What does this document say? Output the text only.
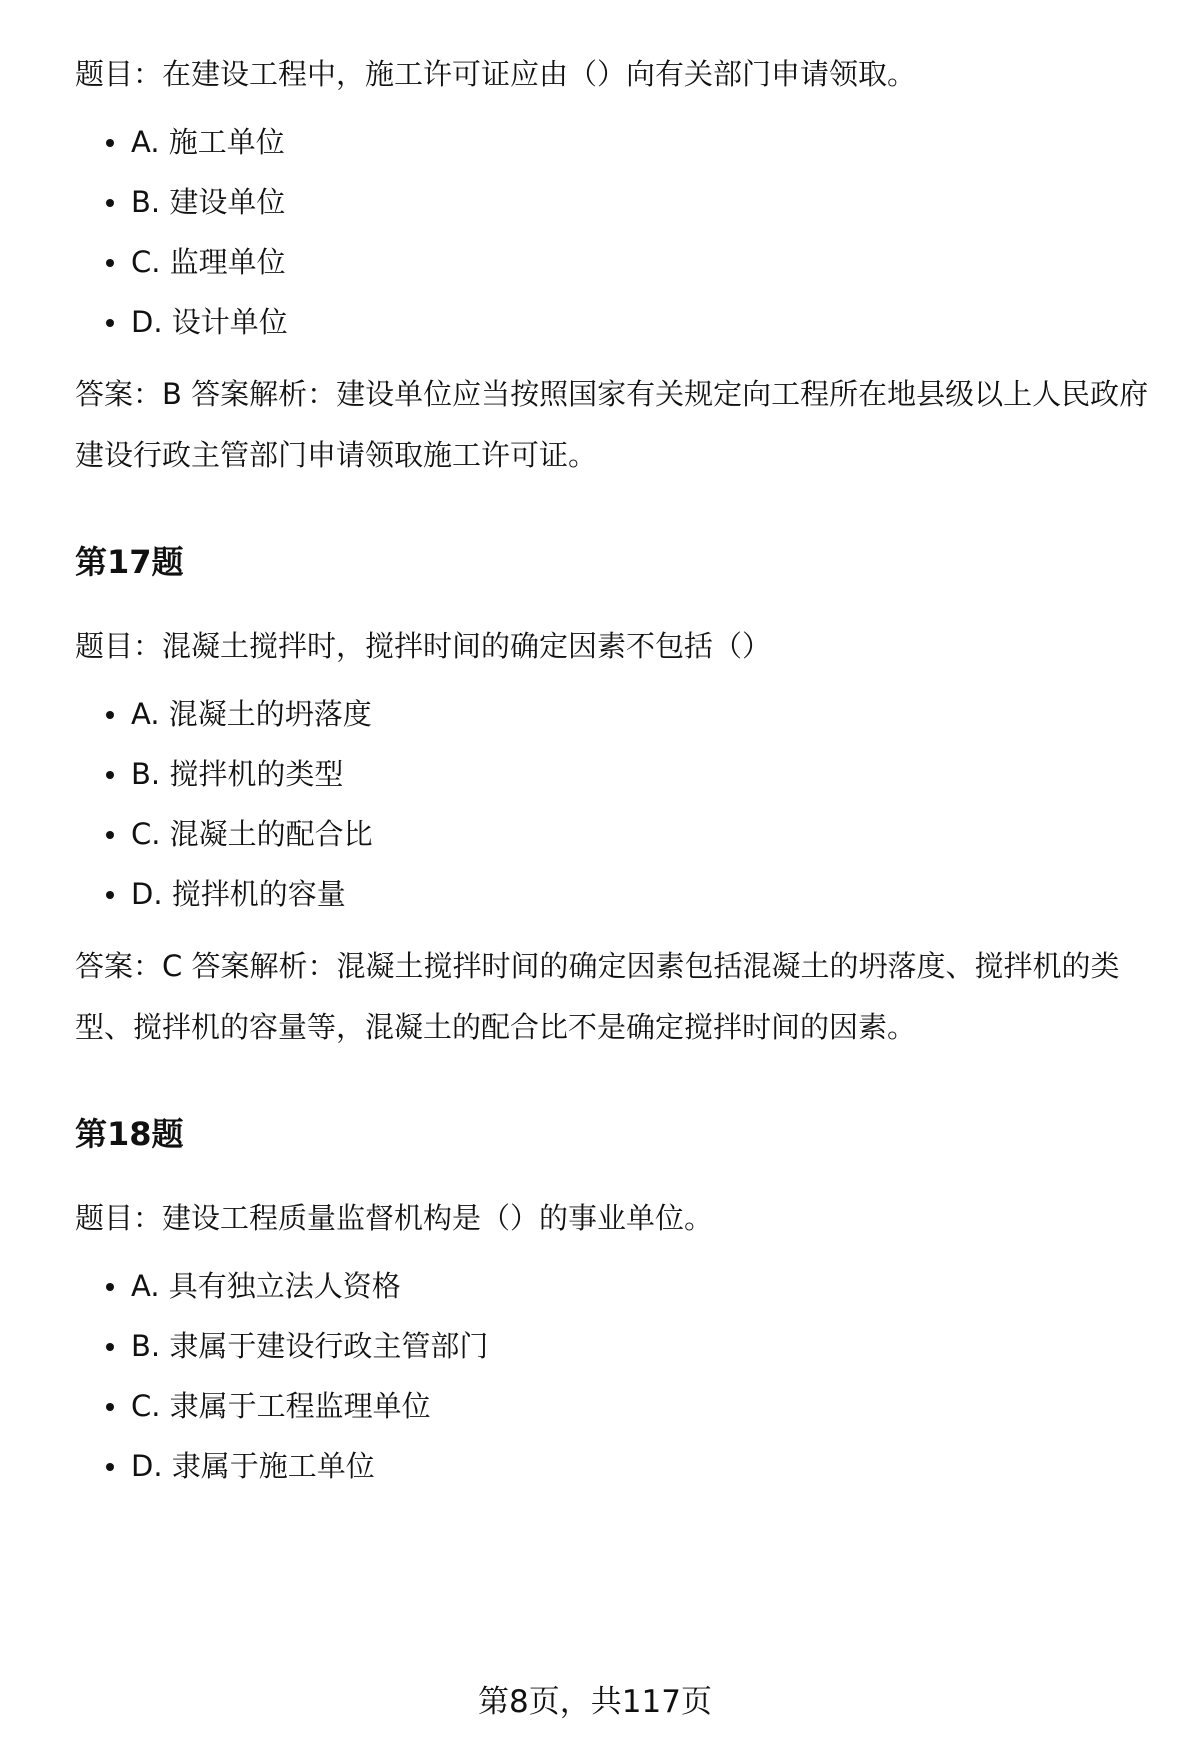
题目：在建设工程中，施工许可证应由（）向有关部门申请领取。

A. 施工单位
B. 建设单位
C. 监理单位
D. 设计单位

答案：B 答案解析：建设单位应当按照国家有关规定向工程所在地县级以上人民政府建设行政主管部门申请领取施工许可证。

第17题

题目：混凝土搅拌时，搅拌时间的确定因素不包括（）

A. 混凝土的坍落度
B. 搅拌机的类型
C. 混凝土的配合比
D. 搅拌机的容量

答案：C 答案解析：混凝土搅拌时间的确定因素包括混凝土的坍落度、搅拌机的类型、搅拌机的容量等，混凝土的配合比不是确定搅拌时间的因素。

第18题

题目：建设工程质量监督机构是（）的事业单位。

A. 具有独立法人资格
B. 隶属于建设行政主管部门
C. 隶属于工程监理单位
D. 隶属于施工单位
第8页，共117页
